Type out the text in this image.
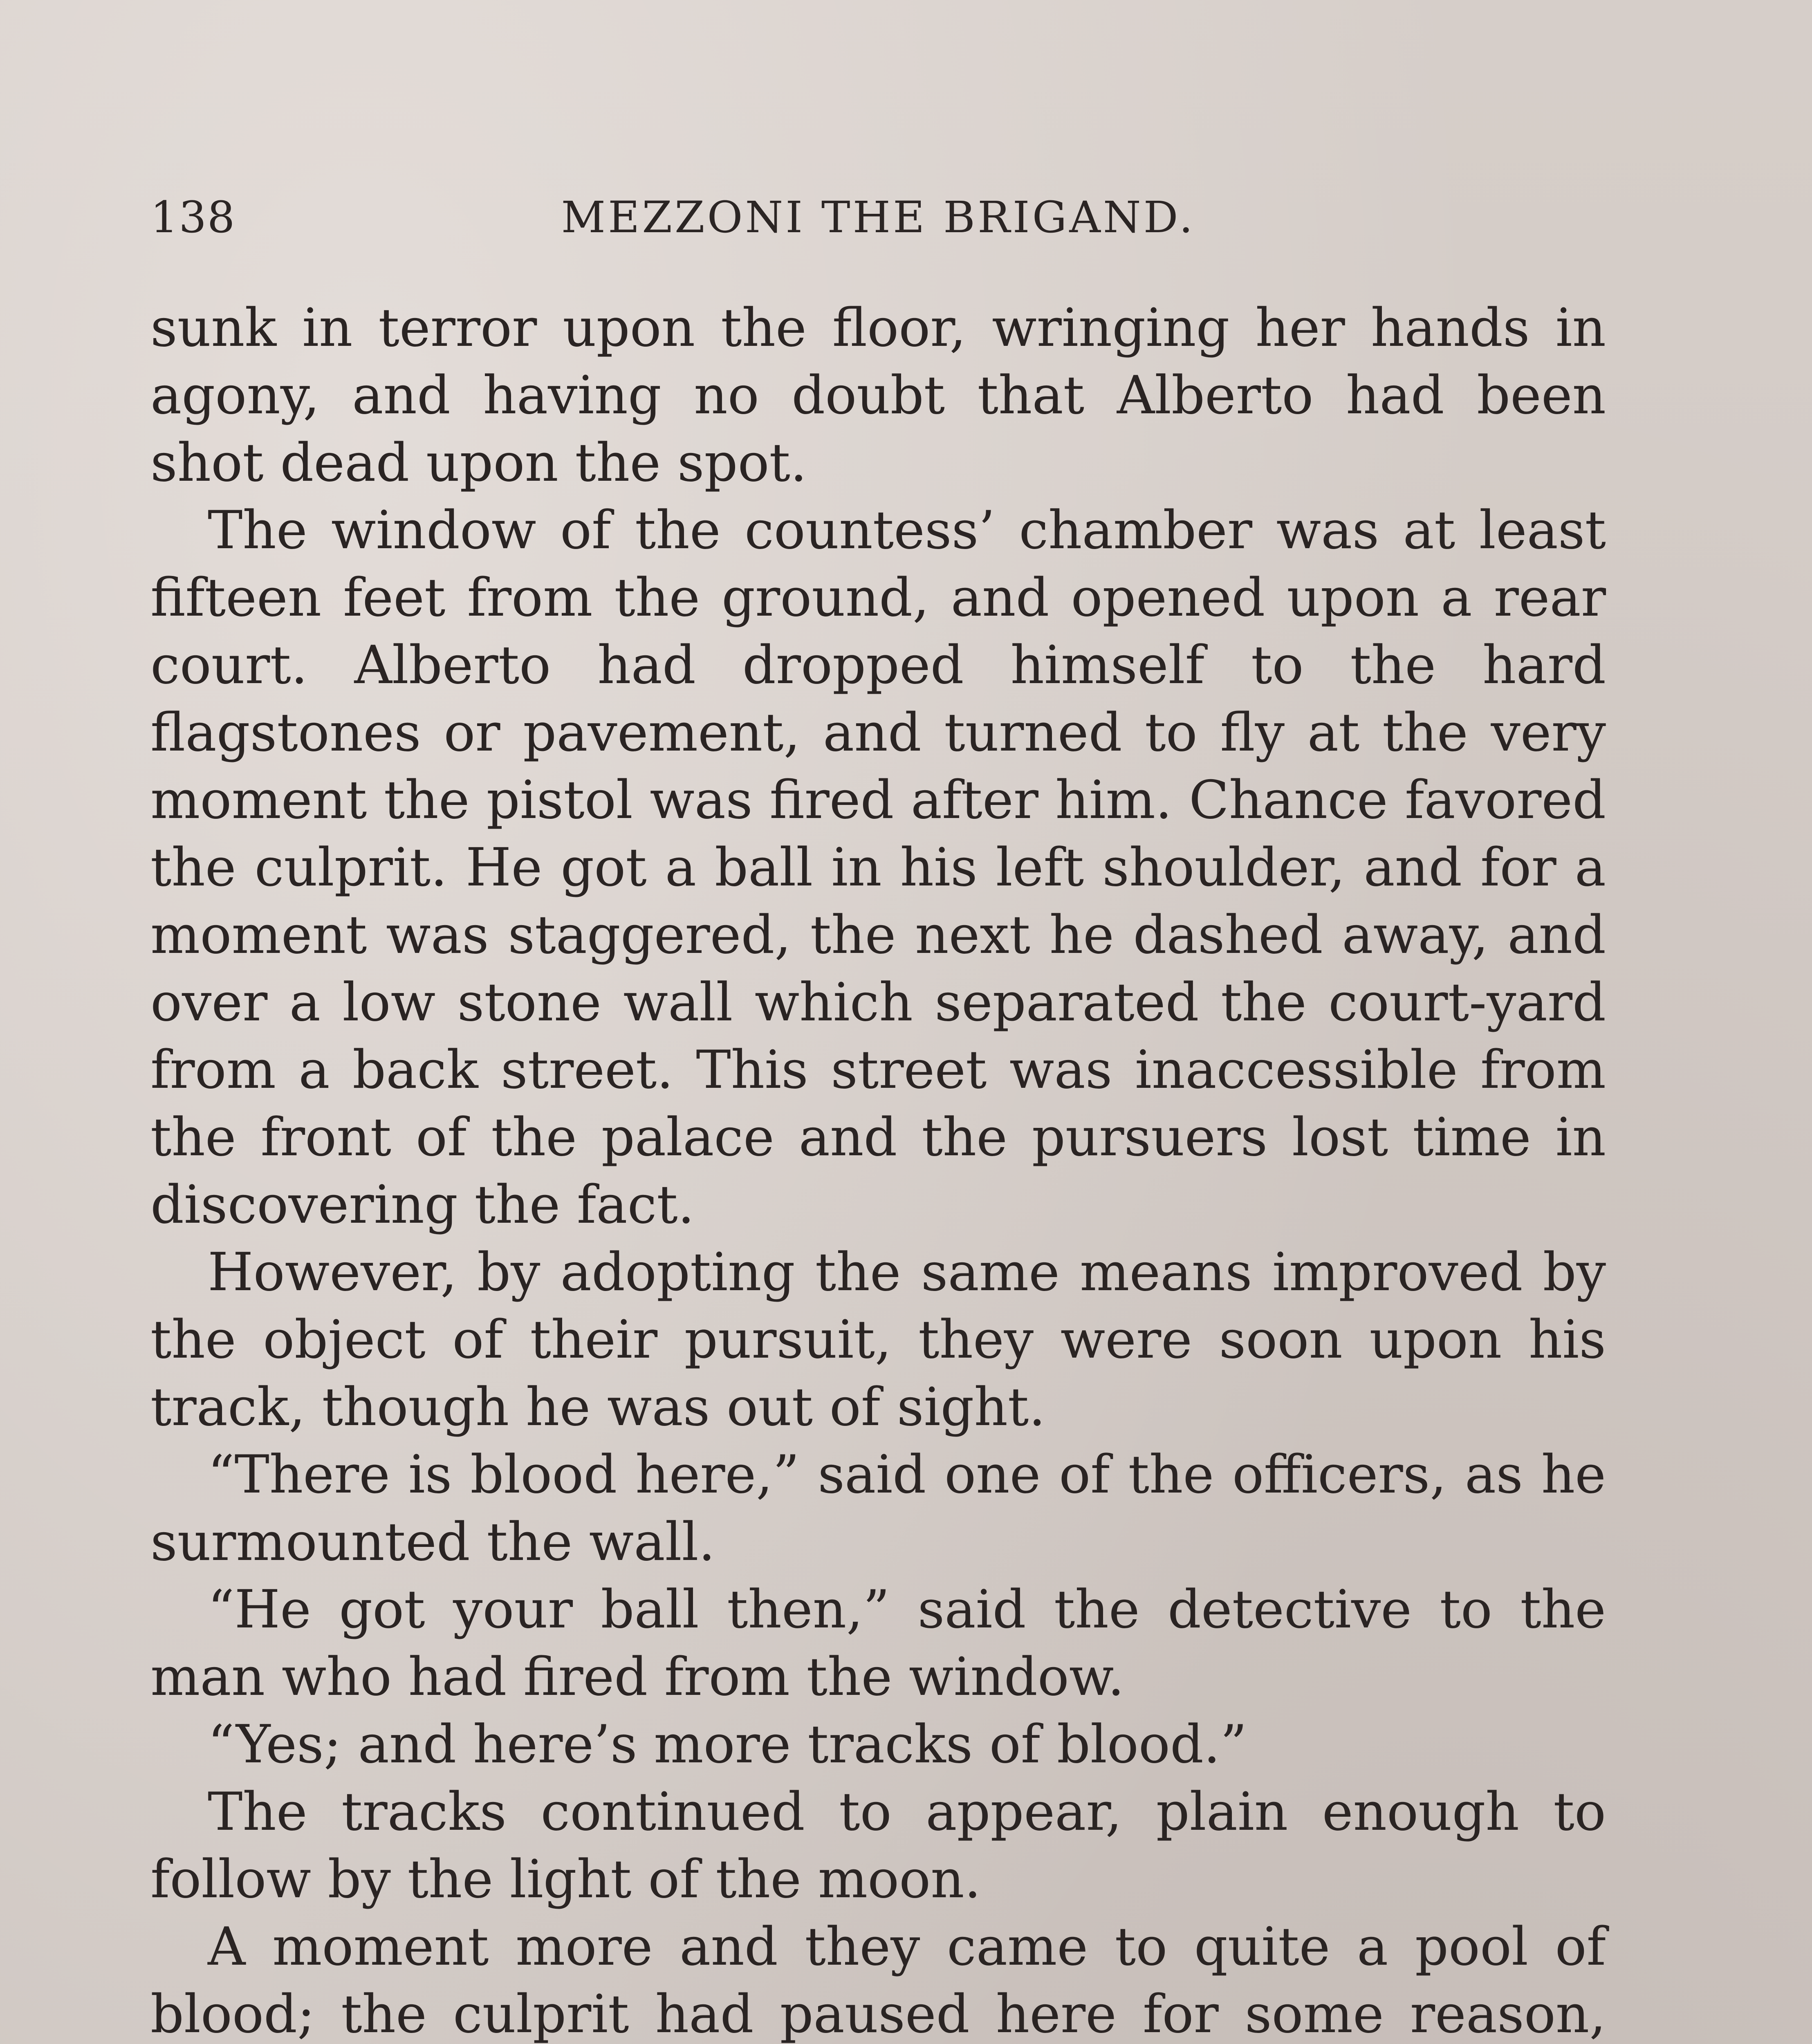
138	MEZZONI THE BRIGAND.

sunk in terror upon the floor, wringing her hands in agony, and having no doubt that Alberto had been shot dead upon the spot.

The window of the countess’ chamber was at least fifteen feet from the ground, and opened upon a rear court. Alberto had dropped himself to the hard flagstones or pavement, and turned to fly at the very moment the pistol was fired after him. Chance favored the culprit. He got a ball in his left shoulder, and for a moment was staggered, the next he dashed away, and over a low stone wall which separated the court-yard from a back street. This street was inaccessible from the front of the palace and the pursuers lost time in discovering the fact.

However, by adopting the same means improved by the object of their pursuit, they were soon upon his track, though he was out of sight.

“There is blood here,” said one of the officers, as he surmounted the wall.

“He got your ball then,” said the detective to the man who had fired from the window.

“Yes; and here’s more tracks of blood.”

The tracks continued to appear, plain enough to follow by the light of the moon.

A moment more and they came to quite a pool of blood; the culprit had paused here for some reason,
